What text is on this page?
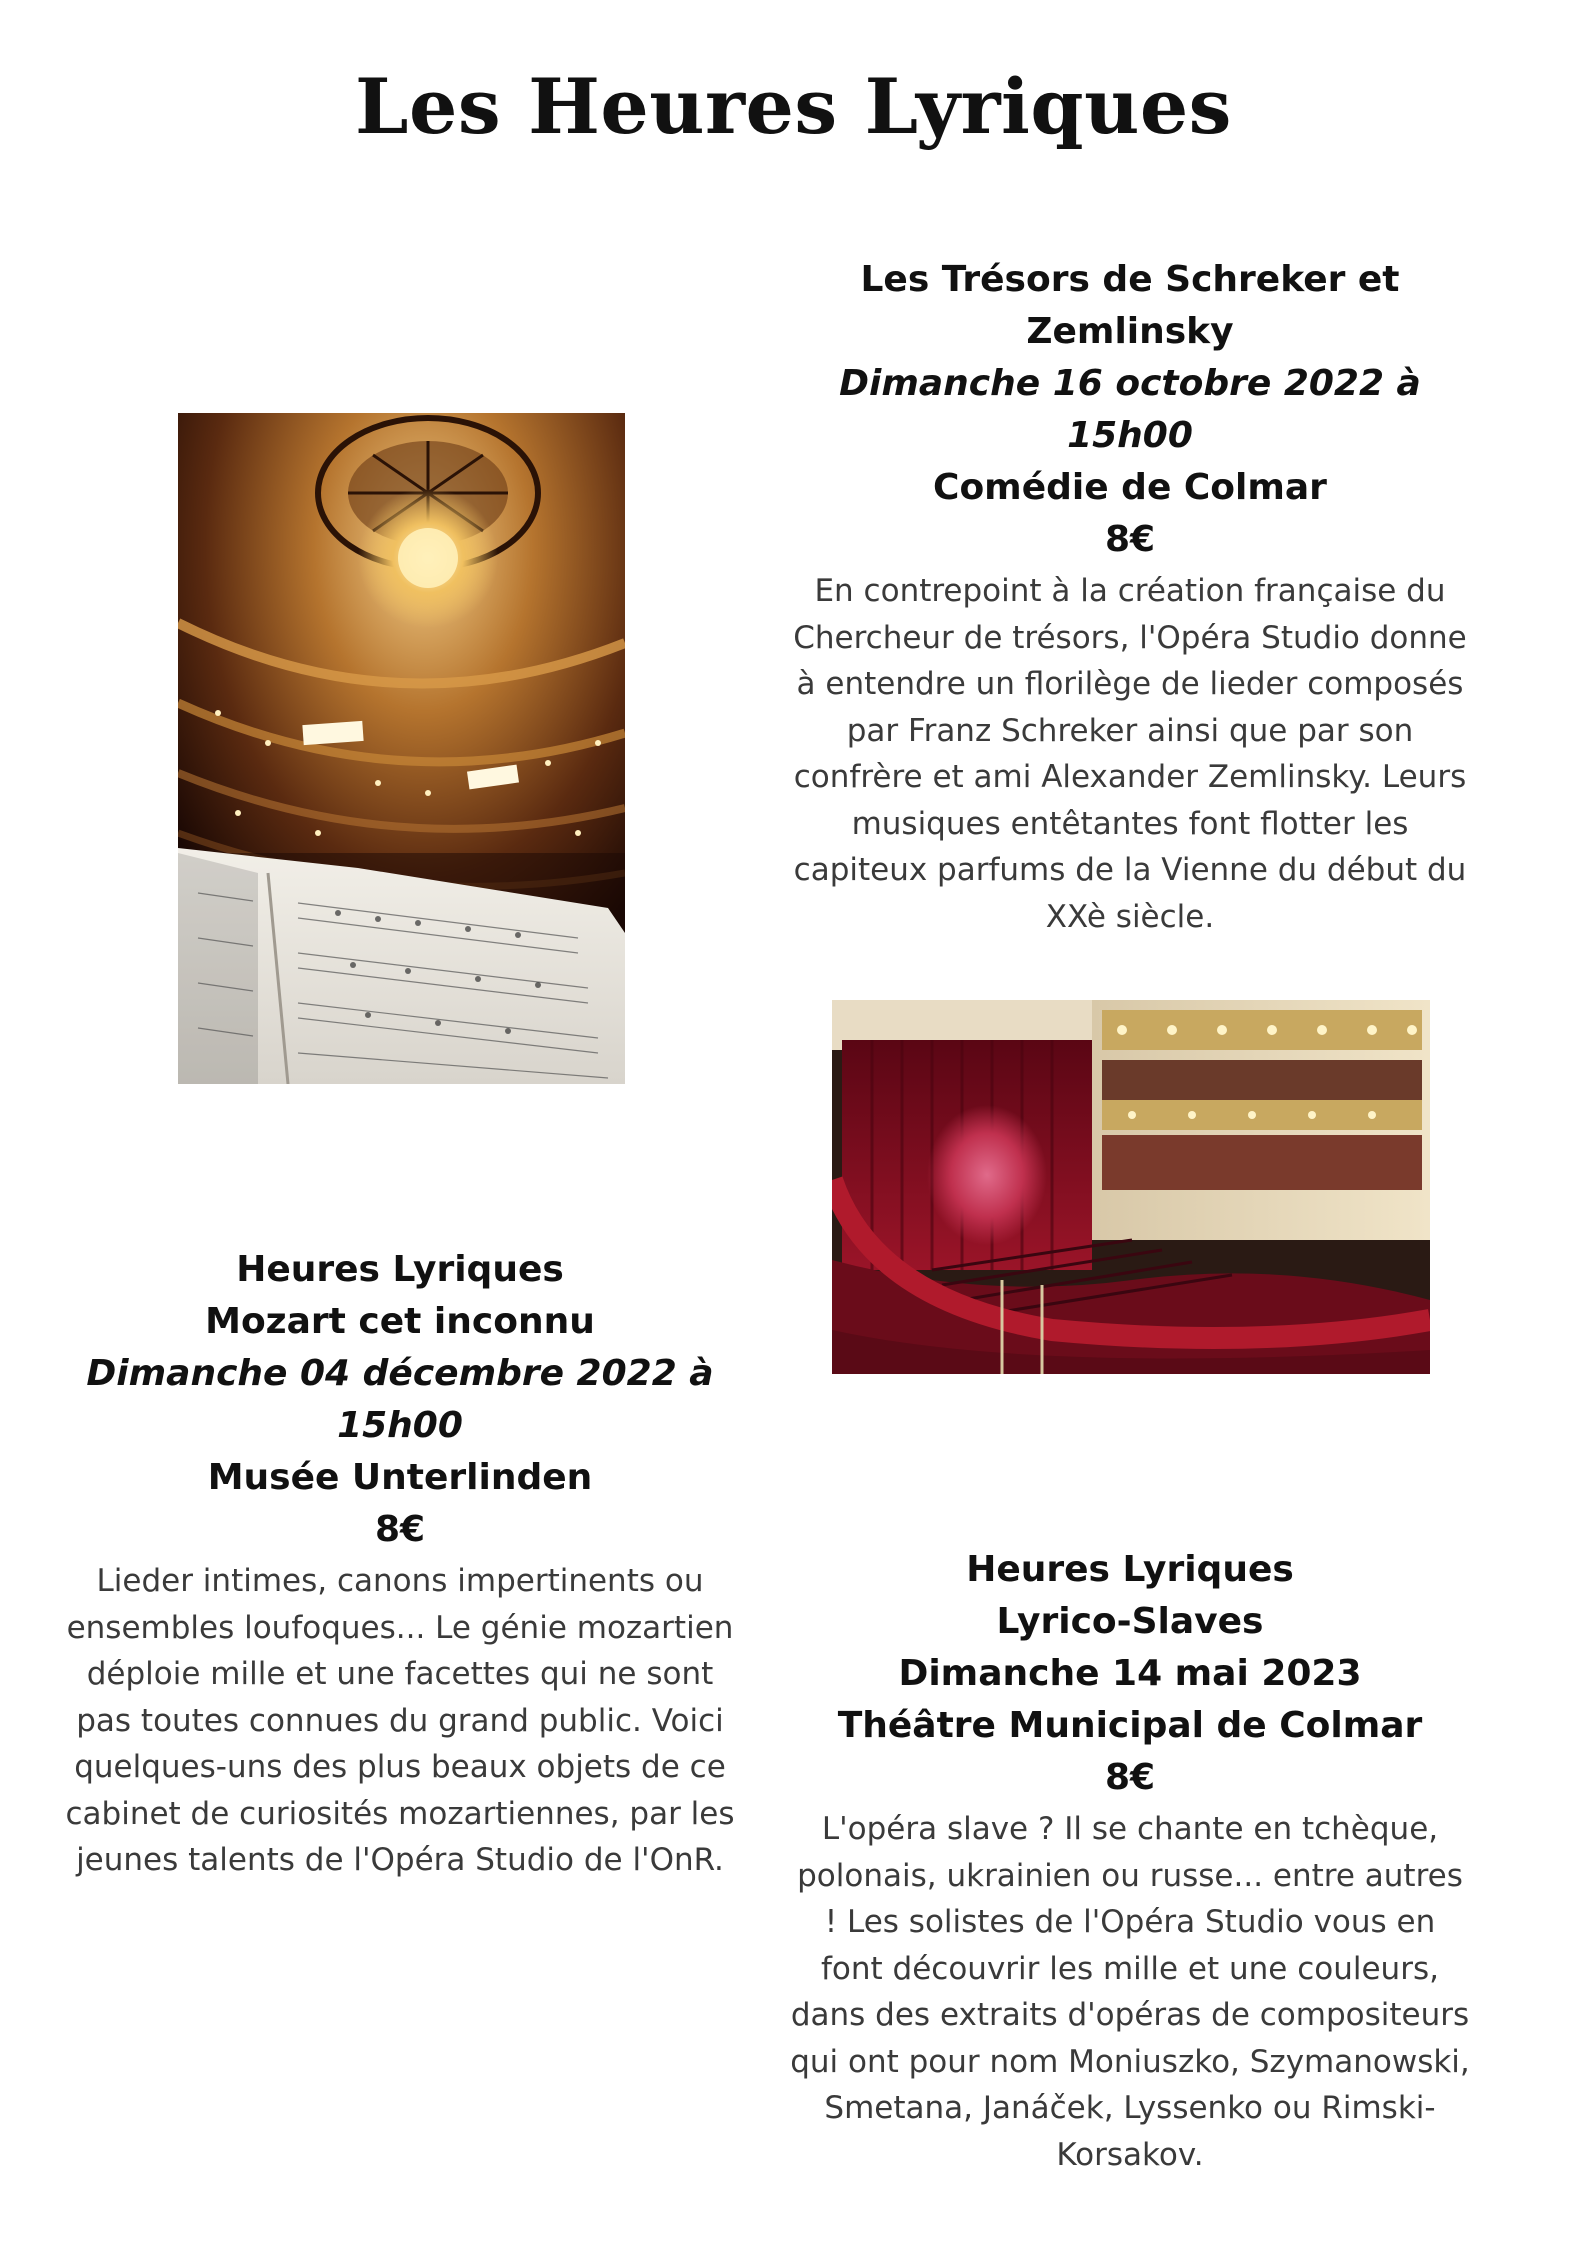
Les Heures Lyriques
Les Trésors de Schreker et
Zemlinsky
Dimanche 16 octobre 2022 à 15h00
Comédie de Colmar
8€
En contrepoint à la création française du Chercheur de trésors, l'Opéra Studio donne à entendre un florilège de lieder composés par Franz Schreker ainsi que par son confrère et ami Alexander Zemlinsky. Leurs musiques entêtantes font flotter les capiteux parfums de la Vienne du début du XXè siècle.
Heures Lyriques
Mozart cet inconnu
Dimanche 04 décembre 2022 à 15h00
Musée Unterlinden
8€
Lieder intimes, canons impertinents ou ensembles loufoques... Le génie mozartien déploie mille et une facettes qui ne sont pas toutes connues du grand public. Voici quelques-uns des plus beaux objets de ce cabinet de curiosités mozartiennes, par les jeunes talents de l'Opéra Studio de l'OnR.
Heures Lyriques
Lyrico-Slaves
Dimanche 14 mai 2023
Théâtre Municipal de Colmar
8€
L'opéra slave ? Il se chante en tchèque, polonais, ukrainien ou russe... entre autres ! Les solistes de l'Opéra Studio vous en font découvrir les mille et une couleurs, dans des extraits d'opéras de compositeurs qui ont pour nom Moniuszko, Szymanowski, Smetana, Janáček, Lyssenko ou Rimski-Korsakov.
